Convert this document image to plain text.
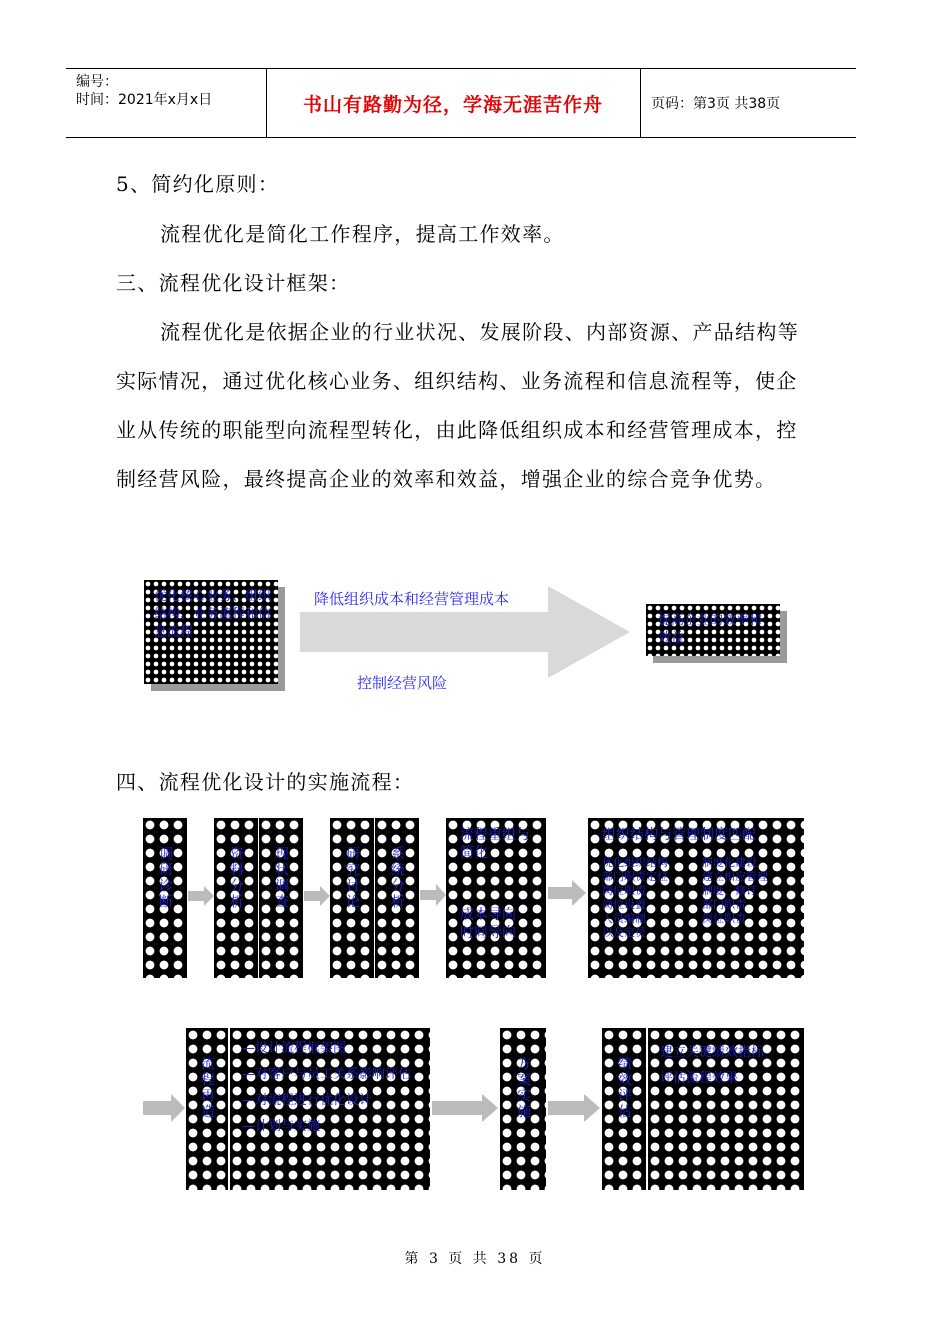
编号：
时间：2021年x月x日	书山有路勤为径，学海无涯苦作舟	页码：第3页 共38页
5、简约化原则：
流程优化是简化工作程序，提高工作效率。
三、流程优化设计框架：
流程优化是依据企业的行业状况、发展阶段、内部资源、产品结构等实际情况，通过优化核心业务、组织结构、业务流程和信息流程等，使企业从传统的职能型向流程型转化，由此降低组织成本和经营管理成本，控制经营风险，最终提高企业的效率和效益，增强企业的综合竞争优势。
优化核心业务、组织结构、业务流程和信息流程
降低组织成本和经营管理成本
控制经营风险
提高企业的效率和效益
四、流程优化设计的实施流程：
调研诊断	资料分析 现状调查	研究讨论 系统分析
流程重组与简化
成本导向
时间导向
组织结构与管理制度匹配
优化组织结构
部门职责定位
岗位职责
岗位设置
人员编制
以及定员
制度化建设
建立相应管理
制度、修订
部门职责
岗位职责
流程再造
—设计流程框架图
—对客户与员工关系影响评估
—对流程进行优化设计
—计划与实施
方案实施	绩效评估
建立关键绩效指标
评估流程效果
第 3 页 共 38 页
